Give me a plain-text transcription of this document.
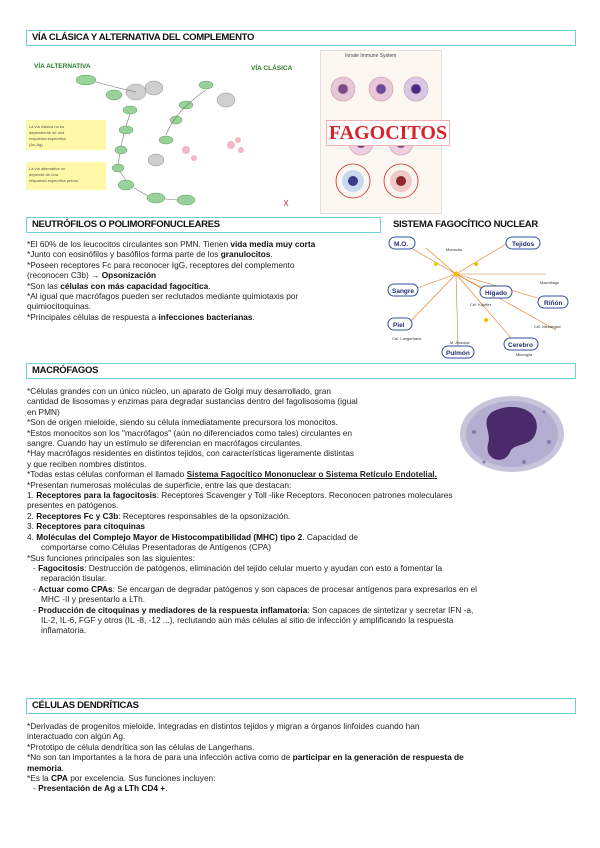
VÍA CLÁSICA Y ALTERNATIVA DEL COMPLEMENTO
VÍA ALTERNATIVA	VÍA CLÁSICA
La vía clásica no es
dependiente de una
respuesta específica
(Ac-Ag).
La vía alternativa no
depende de una
respuesta específica previa.
Innate Immune System
FAGOCITOS
NEUTRÓFILOS O POLIMORFONUCLEARES	SISTEMA FAGOCÍTICO NUCLEAR

*El 60% de los leucocitos circulantes son PMN. Tienen vida media muy corta

*Junto con eosinófilos y basófilos forma parte de los granulocitos.

*Poseen receptores Fc para reconocer IgG, receptores del complemento

(reconocen C3b) → Opsonización

*Son las células con más capacidad fagocítica.

*Al igual que macrófagos pueden ser reclutados mediante quimiotaxis por

quimiocitoquinas.

*Principales células de respuesta a infecciones bacterianas.

M.O.	Tejidos
Sangre	Hígado
Riñón
Piel
Pulmón
Cerebro
Monocito
Macrófago
Cél. Kupffer
Cél. Mesangial
M. Alveolar
Microglía
Cél. Langerhans
MACRÓFAGOS

*Células grandes con un único núcleo, un aparato de Golgi muy desarrollado, gran

cantidad de lisosomas y enzimas para degradar sustancias dentro del fagolisosoma (igual

en PMN)

*Son de origen mieloide, siendo su célula inmediatamente precursora los monocitos.

*Estos monocitos son los "macrófagos" (aún no diferenciados como tales) circulantes en

sangre. Cuando hay un estímulo se diferencian en macrófagos circulantes.

*Hay macrófagos residentes en distintos tejidos, con características ligeramente distintas

y que reciben nombres distintos.

*Todas estas células conforman el llamado Sistema Fagocítico Mononuclear o Sistema Retículo Endotelial.

*Presentan numerosas moléculas de superficie, entre las que destacan:

1. Receptores para la fagocitosis: Receptores Scavenger y Toll -like Receptors. Reconocen patrones moleculares

presentes en patógenos.

2. Receptores Fc y C3b: Receptores responsables de la opsonización.

3. Receptores para citoquinas

4. Moléculas del Complejo Mayor de Histocompatibilidad (MHC) tipo 2. Capacidad de

comportarse como Células Presentadoras de Antígenos (CPA)

*Sus funciones principales son las siguientes:

- Fagocitosis: Destrucción de patógenos, eliminación del tejido celular muerto y ayudan con esto a fomentar la

reparación tisular.

- Actuar como CPAs: Se encargan de degradar patógenos y son capaces de procesar antígenos para expresarlos en el

MHC -II y presentarlo a LTh.

- Producción de citoquinas y mediadores de la respuesta inflamatoria: Son capaces de sintetizar y secretar IFN -a,

IL-2, IL-6, FGF y otros (IL -8, -12 ...), reclutando aún más células al sitio de infección y amplificando la respuesta

inflamatoria.

CÉLULAS DENDRÍTICAS

*Derivadas de progenitos mieloide. Integradas en distintos tejidos y migran a órganos linfoides cuando han

interactuado con algún Ag.

*Prototipo de célula dendrítica son las células de Langerhans.

*No son tan importantes a la hora de para una infección activa como de participar en la generación de respuesta de

memoria.

*Es la CPA por excelencia. Sus funciones incluyen:

- Presentación de Ag a LTh CD4 +.
